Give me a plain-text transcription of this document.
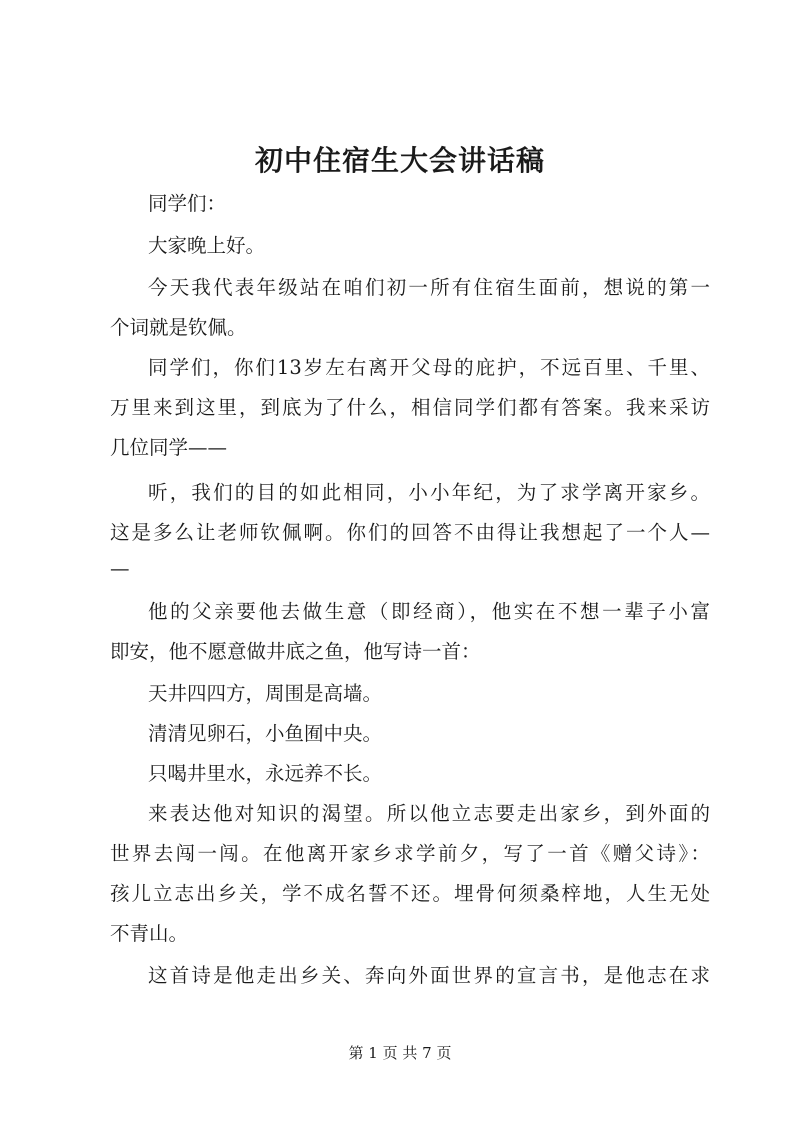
初中住宿生大会讲话稿

同学们：

大家晚上好。

今天我代表年级站在咱们初一所有住宿生面前，想说的第一

个词就是钦佩。

同学们，你们13岁左右离开父母的庇护，不远百里、千里、

万里来到这里，到底为了什么，相信同学们都有答案。我来采访

几位同学——

听，我们的目的如此相同，小小年纪，为了求学离开家乡。

这是多么让老师钦佩啊。你们的回答不由得让我想起了一个人—

—

他的父亲要他去做生意（即经商），他实在不想一辈子小富

即安，他不愿意做井底之鱼，他写诗一首：

天井四四方，周围是高墙。

清清见卵石，小鱼囿中央。

只喝井里水，永远养不长。

来表达他对知识的渴望。所以他立志要走出家乡，到外面的

世界去闯一闯。在他离开家乡求学前夕，写了一首《赠父诗》：

孩儿立志出乡关，学不成名誓不还。埋骨何须桑梓地，人生无处

不青山。

这首诗是他走出乡关、奔向外面世界的宣言书，是他志在求

第 1 页 共 7 页
